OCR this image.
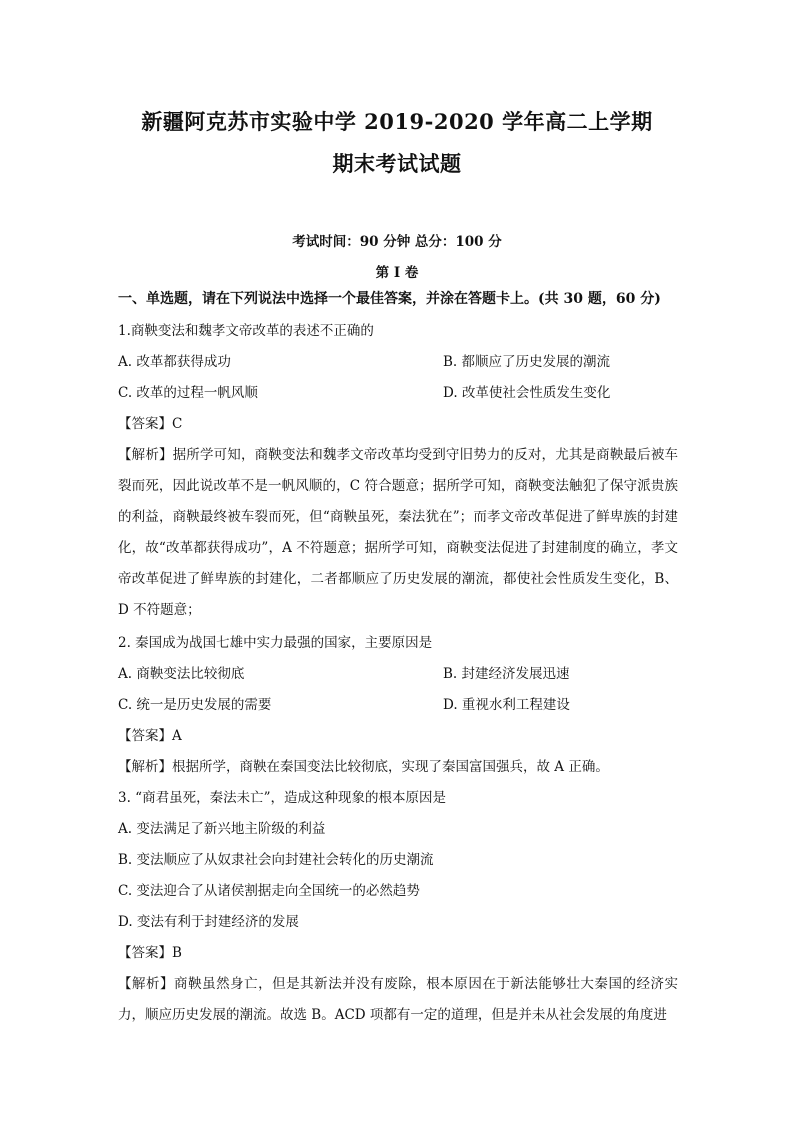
新疆阿克苏市实验中学 2019-2020 学年高二上学期
期末考试试题
考试时间：90 分钟 总分：100 分
第 I 卷
一、单选题，请在下列说法中选择一个最佳答案，并涂在答题卡上。(共 30 题，60 分)
1.商鞅变法和魏孝文帝改革的表述不正确的
A. 改革都获得成功	B. 都顺应了历史发展的潮流
C. 改革的过程一帆风顺	D. 改革使社会性质发生变化
【答案】C
【解析】据所学可知，商鞅变法和魏孝文帝改革均受到守旧势力的反对，尤其是商鞅最后被车裂而死，因此说改革不是一帆风顺的，C 符合题意；据所学可知，商鞅变法触犯了保守派贵族的利益，商鞅最终被车裂而死，但“商鞅虽死，秦法犹在”；而孝文帝改革促进了鲜卑族的封建化，故“改革都获得成功”，A 不符题意；据所学可知，商鞅变法促进了封建制度的确立，孝文帝改革促进了鲜卑族的封建化，二者都顺应了历史发展的潮流，都使社会性质发生变化，B、D 不符题意；
2. 秦国成为战国七雄中实力最强的国家，主要原因是
A. 商鞅变法比较彻底	B. 封建经济发展迅速
C. 统一是历史发展的需要	D. 重视水利工程建设
【答案】A
【解析】根据所学，商鞅在秦国变法比较彻底，实现了秦国富国强兵，故 A 正确。
3. “商君虽死，秦法未亡”，造成这种现象的根本原因是
A. 变法满足了新兴地主阶级的利益
B. 变法顺应了从奴隶社会向封建社会转化的历史潮流
C. 变法迎合了从诸侯割据走向全国统一的必然趋势
D. 变法有利于封建经济的发展
【答案】B
【解析】商鞅虽然身亡，但是其新法并没有废除，根本原因在于新法能够壮大秦国的经济实力，顺应历史发展的潮流。故选 B。ACD 项都有一定的道理，但是并未从社会发展的角度进
